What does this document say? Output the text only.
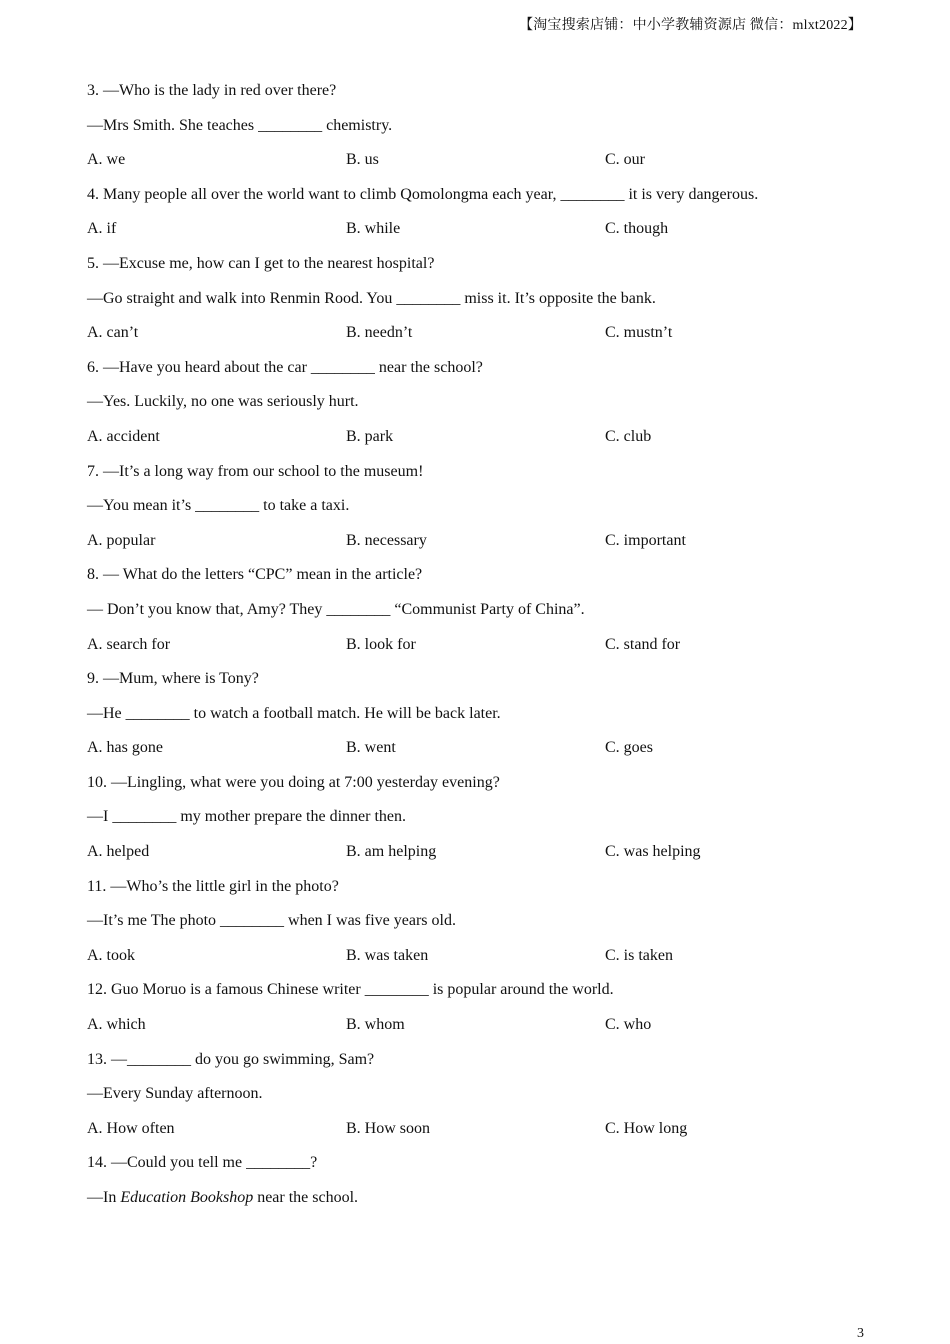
【淘宝搜索店铺：中小学教辅资源店 微信：mlxt2022】
3. —Who is the lady in red over there?
—Mrs Smith. She teaches ________ chemistry.
A. we	B. us	C. our
4. Many people all over the world want to climb Qomolongma each year, ________ it is very dangerous.
A. if	B. while	C. though
5. —Excuse me, how can I get to the nearest hospital?
—Go straight and walk into Renmin Rood. You ________ miss it. It’s opposite the bank.
A. can’t	B. needn’t	C. mustn’t
6. —Have you heard about the car ________ near the school?
—Yes. Luckily, no one was seriously hurt.
A. accident	B. park	C. club
7. —It’s a long way from our school to the museum!
—You mean it’s ________ to take a taxi.
A. popular	B. necessary	C. important
8. — What do the letters “CPC” mean in the article?
— Don’t you know that, Amy? They ________ “Communist Party of China”.
A. search for	B. look for	C. stand for
9. —Mum, where is Tony?
—He ________ to watch a football match. He will be back later.
A. has gone	B. went	C. goes
10. —Lingling, what were you doing at 7:00 yesterday evening?
—I ________ my mother prepare the dinner then.
A. helped	B. am helping	C. was helping
11. —Who’s the little girl in the photo?
—It’s me The photo ________ when I was five years old.
A. took	B. was taken	C. is taken
12. Guo Moruo is a famous Chinese writer ________ is popular around the world.
A. which	B. whom	C. who
13. —________ do you go swimming, Sam?
—Every Sunday afternoon.
A. How often	B. How soon	C. How long
14. —Could you tell me ________?
—In Education Bookshop near the school.
3
